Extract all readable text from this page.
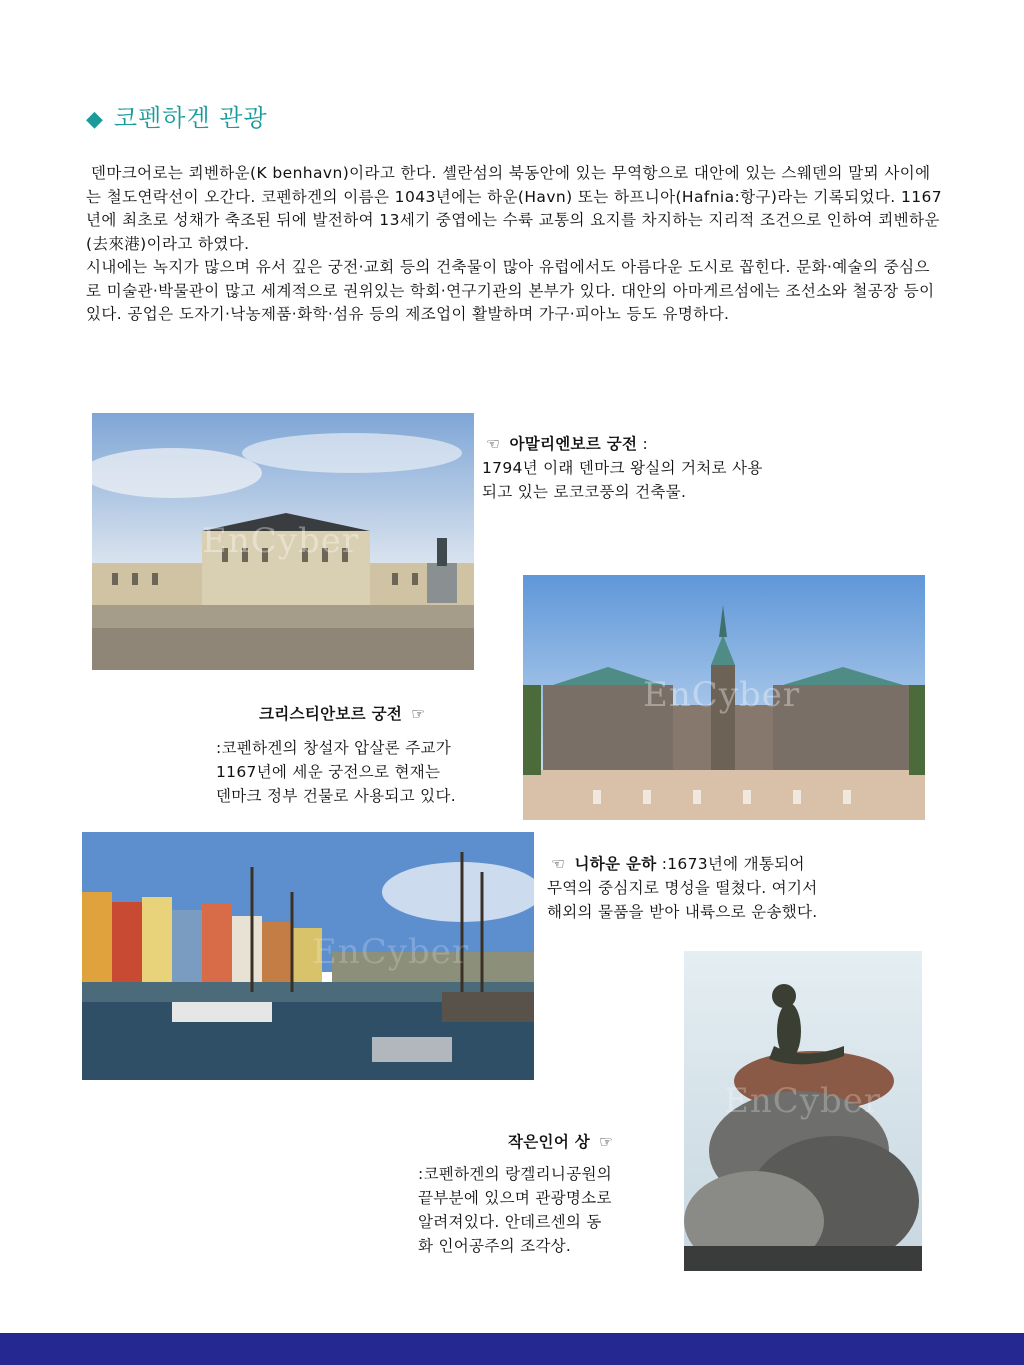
◆ 코펜하겐 관광

덴마크어로는 쾨벤하운(K benhavn)이라고 한다. 셸란섬의 북동안에 있는 무역항으로 대안에 있는 스웨덴의 말뫼 사이에는 철도연락선이 오간다. 코펜하겐의 이름은 1043년에는 하운(Havn) 또는 하프니아(Hafnia:항구)라는 기록되었다. 1167년에 최초로 성채가 축조된 뒤에 발전하여 13세기 중엽에는 수륙 교통의 요지를 차지하는 지리적 조건으로 인하여 쾨벤하운(去來港)이라고 하였다.

시내에는 녹지가 많으며 유서 깊은 궁전·교회 등의 건축물이 많아 유럽에서도 아름다운 도시로 꼽힌다. 문화·예술의 중심으로 미술관·박물관이 많고 세계적으로 권위있는 학회·연구기관의 본부가 있다. 대안의 아마게르섬에는 조선소와 철공장 등이 있다. 공업은 도자기·낙농제품·화학·섬유 등의 제조업이 활발하며 가구·피아노 등도 유명하다.

EnCyber
☜ 아말리엔보르 궁전 :
1794년 이래 덴마크 왕실의 거처로 사용
되고 있는 로코코풍의 건축물.
EnCyber
크리스티안보르 궁전 ☞
:코펜하겐의 창설자 압살론 주교가
1167년에 세운 궁전으로 현재는
덴마크 정부 건물로 사용되고 있다.
EnCyber
☜ 니하운 운하 :1673년에 개통되어
무역의 중심지로 명성을 떨쳤다. 여기서
해외의 물품을 받아 내륙으로 운송했다.
EnCyber
작은인어 상 ☞
:코펜하겐의 랑겔리니공원의
끝부분에 있으며 관광명소로
알려져있다. 안데르센의 동
화 인어공주의 조각상.
